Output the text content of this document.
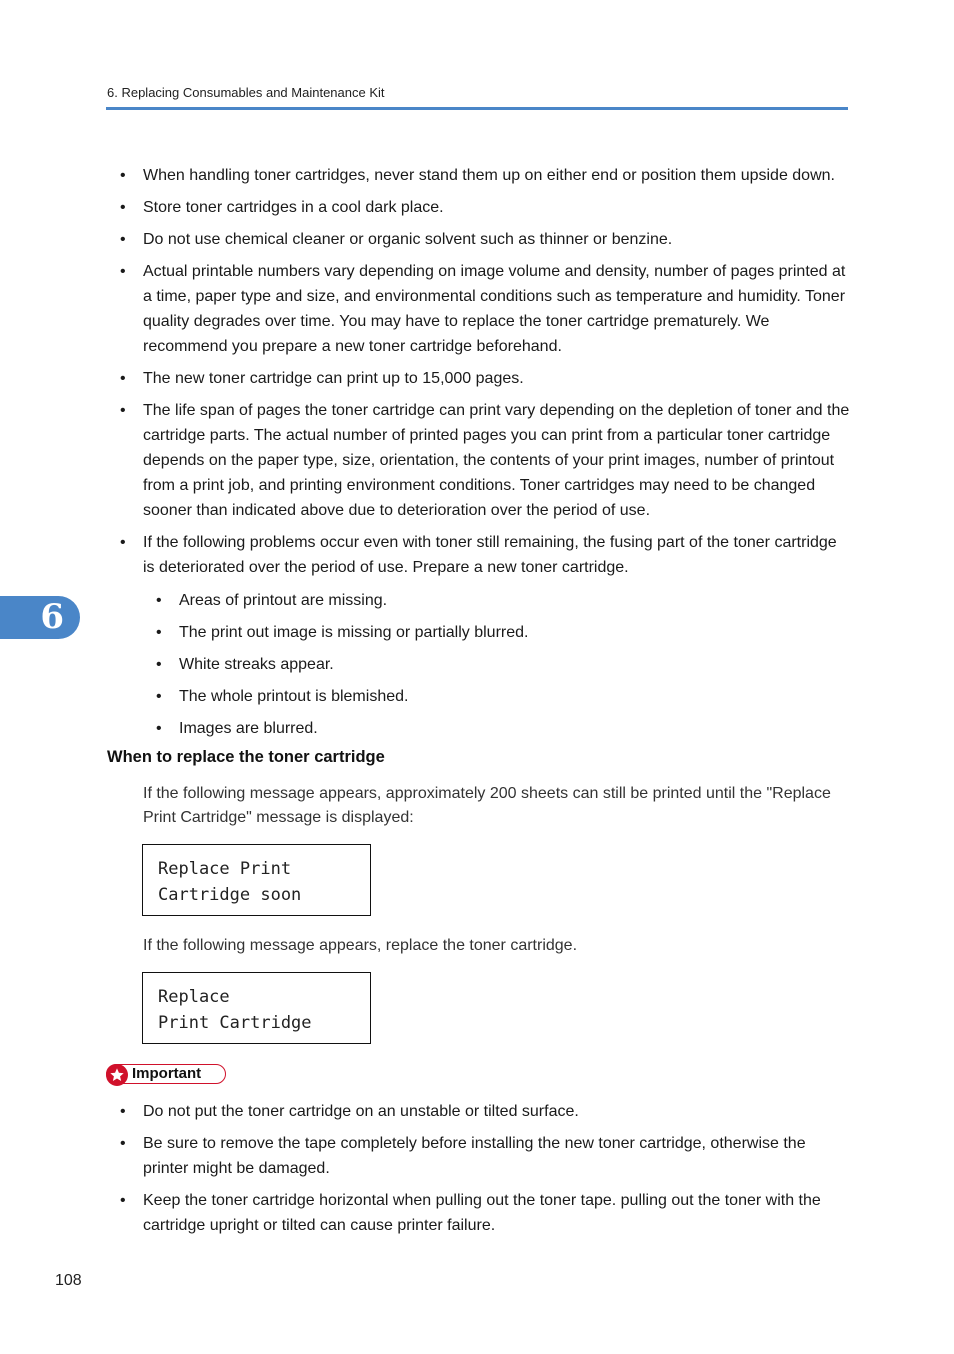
6. Replacing Consumables and Maintenance Kit
6
• When handling toner cartridges, never stand them up on either end or position them upside down.
• Store toner cartridges in a cool dark place.
• Do not use chemical cleaner or organic solvent such as thinner or benzine.
• Actual printable numbers vary depending on image volume and density, number of pages printed at a time, paper type and size, and environmental conditions such as temperature and humidity. Toner quality degrades over time. You may have to replace the toner cartridge prematurely. We recommend you prepare a new toner cartridge beforehand.
• The new toner cartridge can print up to 15,000 pages.
• The life span of pages the toner cartridge can print vary depending on the depletion of toner and the cartridge parts. The actual number of printed pages you can print from a particular toner cartridge depends on the paper type, size, orientation, the contents of your print images, number of printout from a print job, and printing environment conditions. Toner cartridges may need to be changed sooner than indicated above due to deterioration over the period of use.
• If the following problems occur even with toner still remaining, the fusing part of the toner cartridge is deteriorated over the period of use. Prepare a new toner cartridge.
• Areas of printout are missing.
• The print out image is missing or partially blurred.
• White streaks appear.
• The whole printout is blemished.
• Images are blurred.
When to replace the toner cartridge
If the following message appears, approximately 200 sheets can still be printed until the "Replace Print Cartridge" message is displayed:
Replace Print
Cartridge soon
If the following message appears, replace the toner cartridge.
Replace
Print Cartridge
Important
• Do not put the toner cartridge on an unstable or tilted surface.
• Be sure to remove the tape completely before installing the new toner cartridge, otherwise the printer might be damaged.
• Keep the toner cartridge horizontal when pulling out the toner tape. pulling out the toner with the cartridge upright or tilted can cause printer failure.
108
